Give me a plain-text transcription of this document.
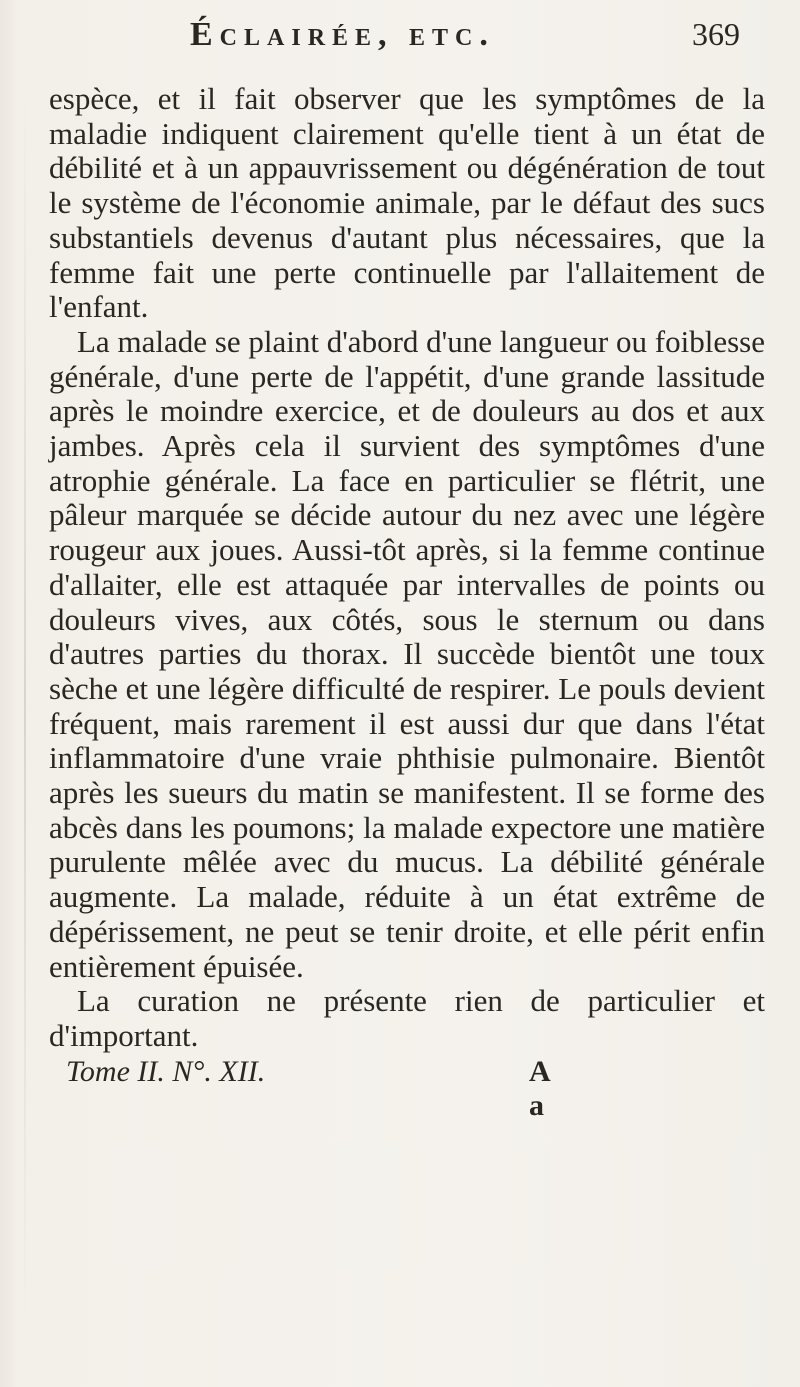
Éclairée, etc.	369

espèce, et il fait observer que les symptômes de la maladie indiquent clairement qu'elle tient à un état de débilité et à un appauvrissement ou dégénération de tout le système de l'économie animale, par le défaut des sucs substantiels devenus d'autant plus nécessaires, que la femme fait une perte continuelle par l'allaitement de l'enfant.

La malade se plaint d'abord d'une langueur ou foiblesse générale, d'une perte de l'appétit, d'une grande lassitude après le moindre exercice, et de douleurs au dos et aux jambes. Après cela il survient des symptômes d'une atrophie générale. La face en particulier se flétrit, une pâleur marquée se décide autour du nez avec une légère rougeur aux joues. Aussi-tôt après, si la femme continue d'allaiter, elle est attaquée par intervalles de points ou douleurs vives, aux côtés, sous le sternum ou dans d'autres parties du thorax. Il succède bientôt une toux sèche et une légère difficulté de respirer. Le pouls devient fréquent, mais rarement il est aussi dur que dans l'état inflammatoire d'une vraie phthisie pulmonaire. Bientôt après les sueurs du matin se manifestent. Il se forme des abcès dans les poumons; la malade expectore une matière purulente mêlée avec du mucus. La débilité générale augmente. La malade, réduite à un état extrême de dépérissement, ne peut se tenir droite, et elle périt enfin entièrement épuisée.

La curation ne présente rien de particulier et d'important.

Tome II. N°. XII.	A a
